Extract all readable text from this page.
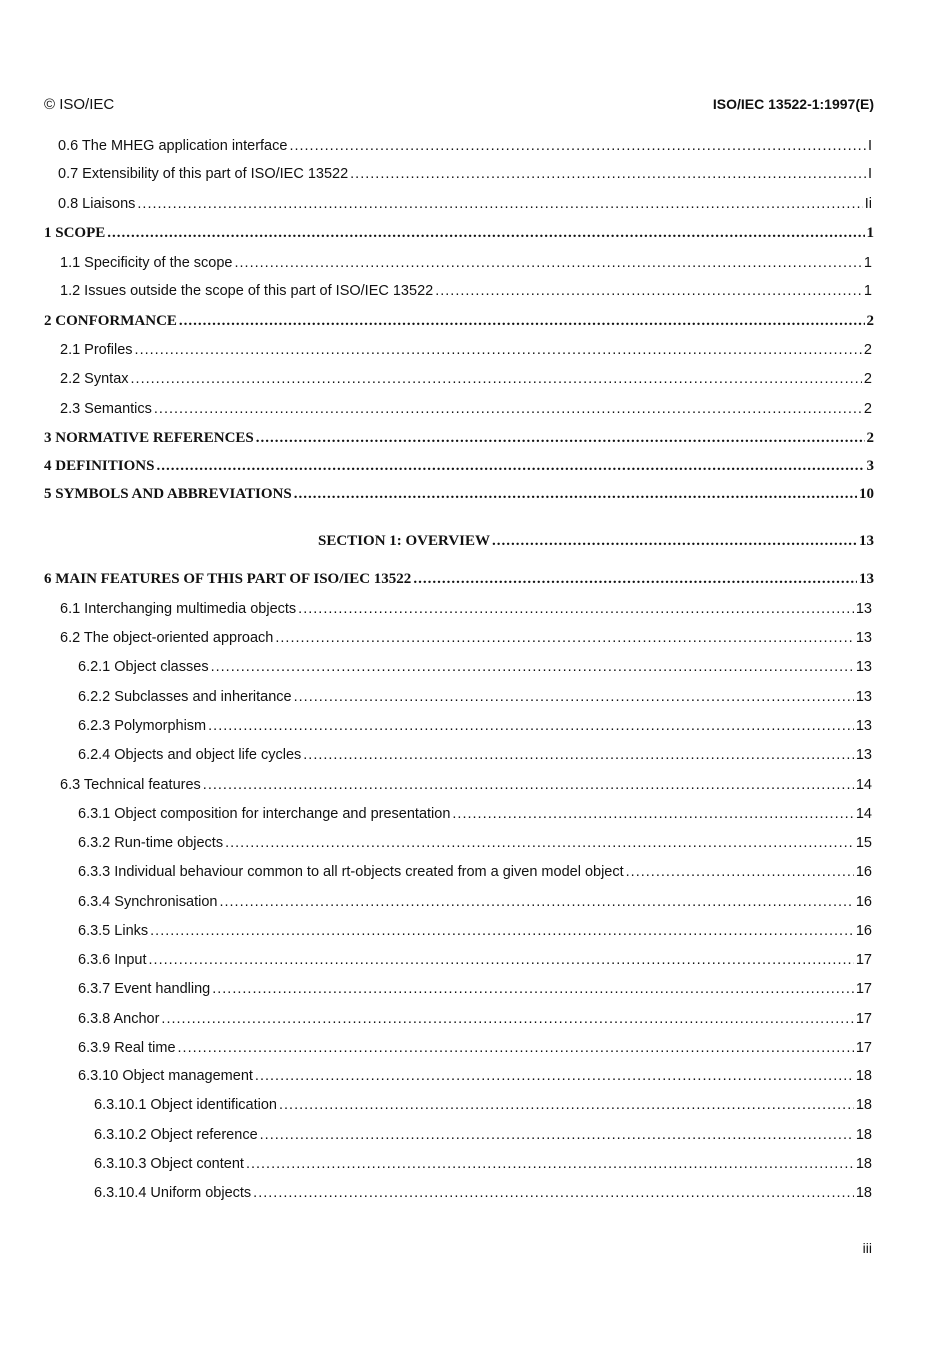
© ISO/IEC	ISO/IEC 13522-1:1997(E)
0.6 The MHEG application interface .....	I
0.7 Extensibility of this part of ISO/IEC 13522 .....	I
0.8 Liaisons .....	Ii
1 SCOPE .....	1
1.1 Specificity of the scope .....	1
1.2 Issues outside the scope of this part of ISO/IEC 13522 .....	1
2 CONFORMANCE .....	2
2.1 Profiles .....	2
2.2 Syntax .....	2
2.3 Semantics .....	2
3 NORMATIVE REFERENCES .....	2
4 DEFINITIONS .....	3
5 SYMBOLS AND ABBREVIATIONS .....	10
SECTION 1: OVERVIEW .....	13
6 MAIN FEATURES OF THIS PART OF ISO/IEC 13522 .....	13
6.1 Interchanging multimedia objects .....	13
6.2 The object-oriented approach .....	13
6.2.1 Object classes .....	13
6.2.2 Subclasses and inheritance .....	13
6.2.3 Polymorphism .....	13
6.2.4 Objects and object life cycles .....	13
6.3 Technical features .....	14
6.3.1 Object composition for interchange and presentation .....	14
6.3.2 Run-time objects .....	15
6.3.3 Individual behaviour common to all rt-objects created from a given model object .....	16
6.3.4 Synchronisation .....	16
6.3.5 Links .....	16
6.3.6 Input .....	17
6.3.7 Event handling .....	17
6.3.8 Anchor .....	17
6.3.9 Real time .....	17
6.3.10 Object management .....	18
6.3.10.1 Object identification .....	18
6.3.10.2 Object reference .....	18
6.3.10.3 Object content .....	18
6.3.10.4 Uniform objects .....	18
iii
